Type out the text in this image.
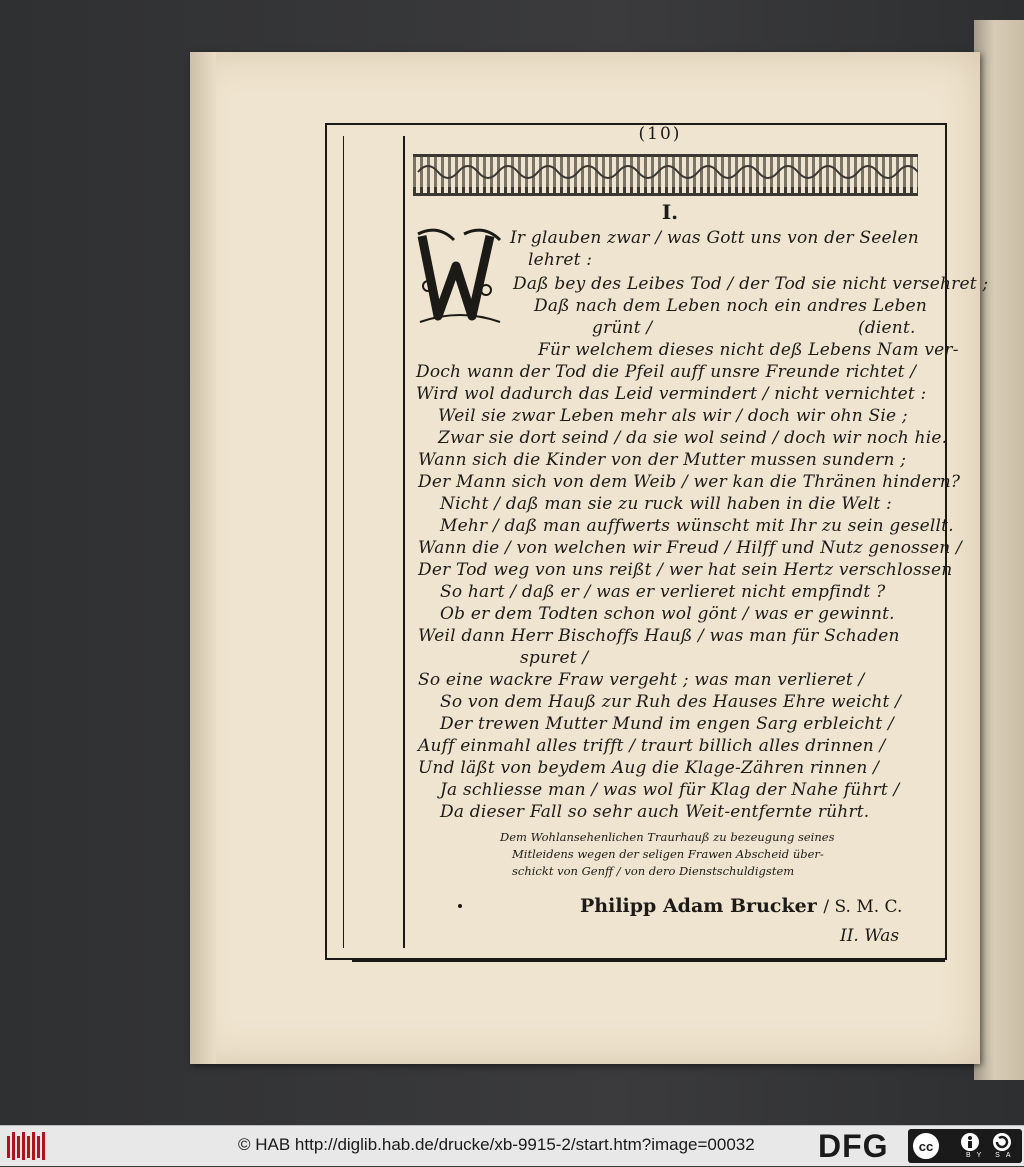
(10)
I.
Ir glauben zwar / was Gott uns von der Seelen
lehret :
Daß bey des Leibes Tod / der Tod sie nicht versehret ;
Daß nach dem Leben noch ein andres Leben
grünt /	(dient.
Für welchem dieses nicht deß Lebens Nam ver-
Doch wann der Tod die Pfeil auff unsre Freunde richtet /
Wird wol dadurch das Leid vermindert / nicht vernichtet :
Weil sie zwar Leben mehr als wir / doch wir ohn Sie ;
Zwar sie dort seind / da sie wol seind / doch wir noch hie.
Wann sich die Kinder von der Mutter mussen sundern ;
Der Mann sich von dem Weib / wer kan die Thränen hindern?
Nicht / daß man sie zu ruck will haben in die Welt :
Mehr / daß man auffwerts wünscht mit Ihr zu sein gesellt.
Wann die / von welchen wir Freud / Hilff und Nutz genossen /
Der Tod weg von uns reißt / wer hat sein Hertz verschlossen
So hart / daß er / was er verlieret nicht empfindt ?
Ob er dem Todten schon wol gönt / was er gewinnt.
Weil dann Herr Bischoffs Hauß / was man für Schaden
spuret /
So eine wackre Fraw vergeht ; was man verlieret /
So von dem Hauß zur Ruh des Hauses Ehre weicht /
Der trewen Mutter Mund im engen Sarg erbleicht /
Auff einmahl alles trifft / traurt billich alles drinnen /
Und läßt von beydem Aug die Klage-Zähren rinnen /
Ja schliesse man / was wol für Klag der Nahe führt /
Da dieser Fall so sehr auch Weit-entfernte rührt.
Dem Wohlansehenlichen Traurhauß zu bezeugung seines
Mitleidens wegen der seligen Frawen Abscheid über-
schickt von Genff / von dero Dienstschuldigstem
Philipp Adam Brucker / S. M. C.
II. Was
© HAB http://diglib.hab.de/drucke/xb-9915-2/start.htm?image=00032 DFG cc
BY SA
